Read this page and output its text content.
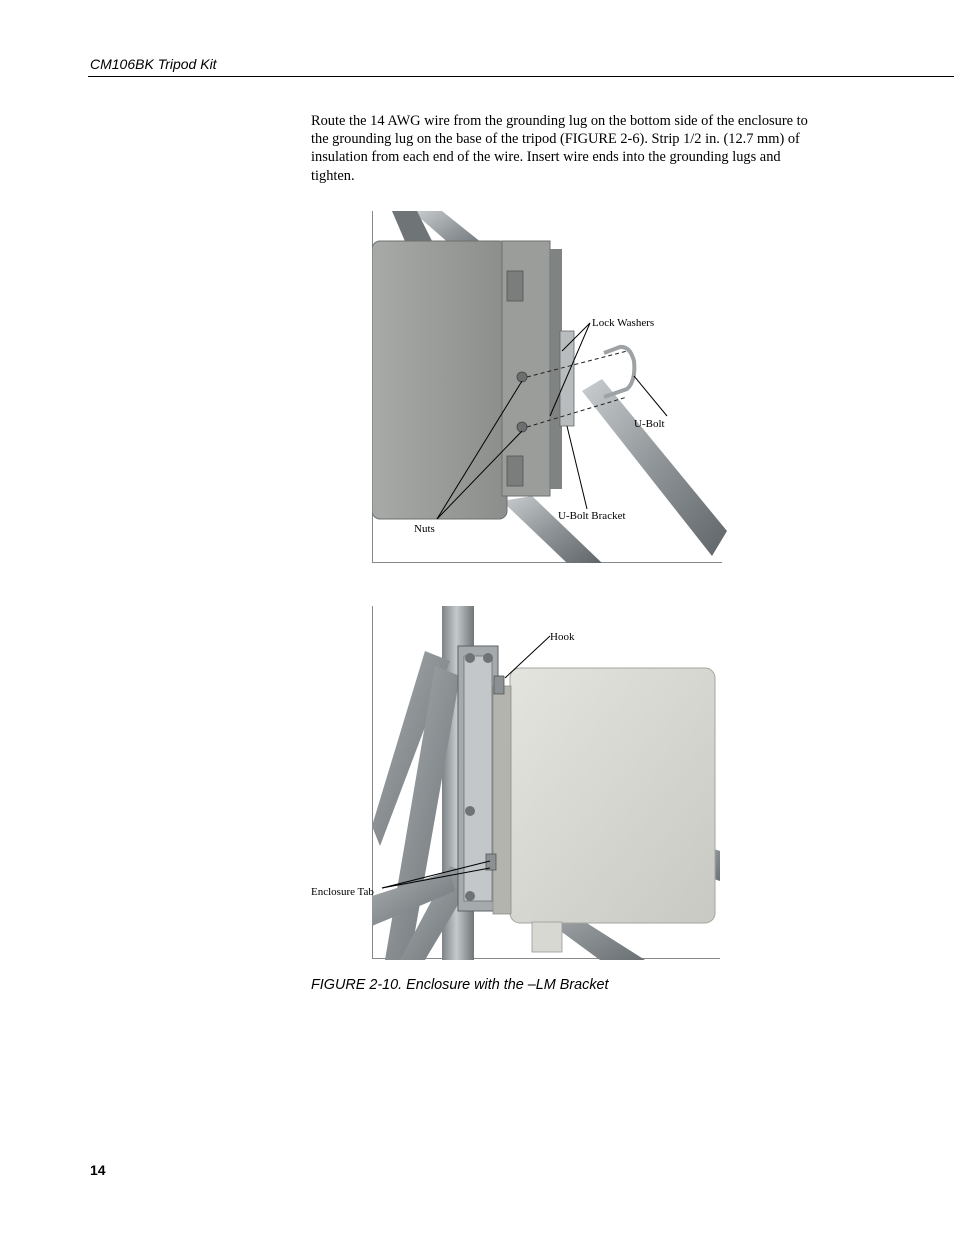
CM106BK Tripod Kit

Route the 14 AWG wire from the grounding lug on the bottom side of the enclosure to the grounding lug on the base of the tripod (FIGURE 2-6). Strip 1/2 in. (12.7 mm) of insulation from each end of the wire. Insert wire ends into the grounding lugs and tighten.

Lock Washers
U-Bolt
U-Bolt Bracket
Nuts
Hook
Enclosure Tab
FIGURE 2-10. Enclosure with the –LM Bracket
14
